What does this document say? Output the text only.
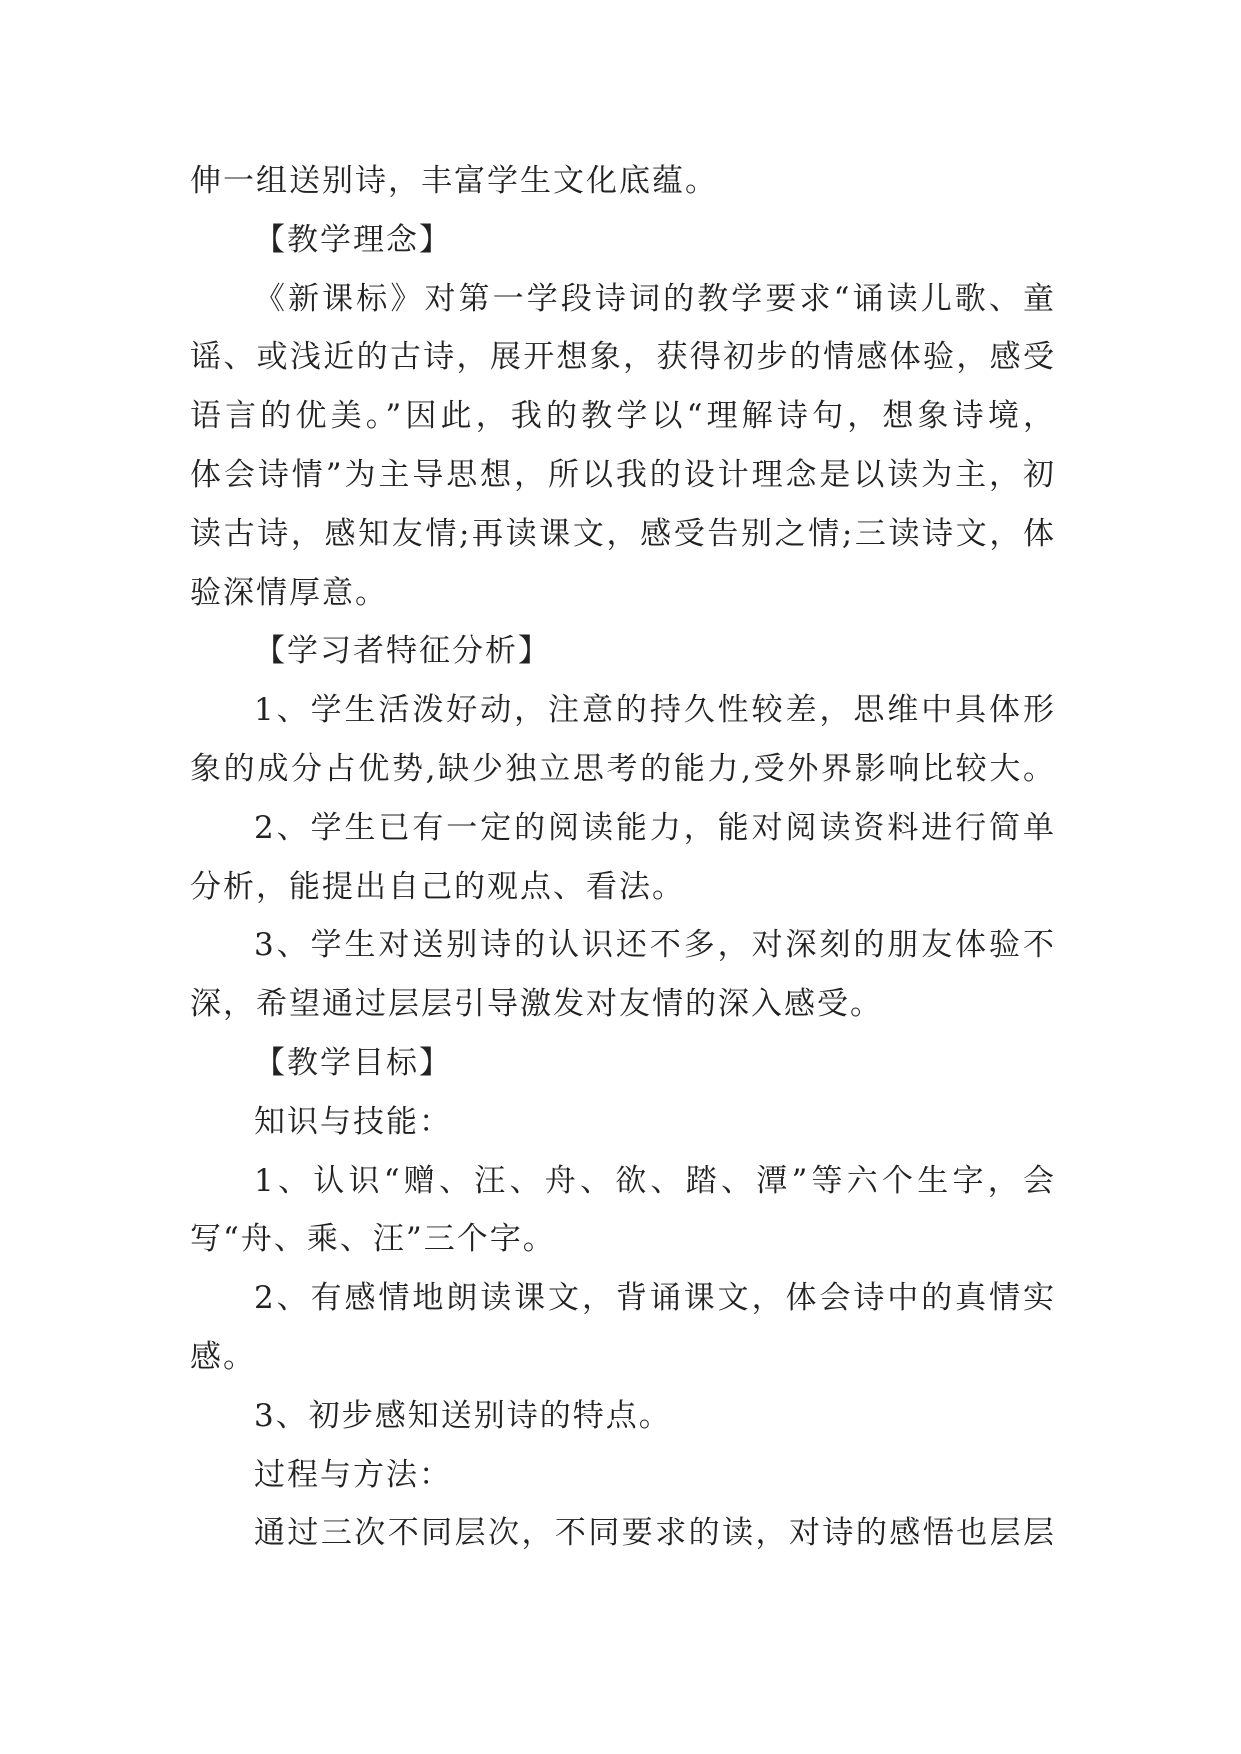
伸一组送别诗，丰富学生文化底蕴。
【教学理念】
《新课标》对第一学段诗词的教学要求“诵读儿歌、童
谣、或浅近的古诗，展开想象，获得初步的情感体验，感受
语言的优美。”因此，我的教学以“理解诗句，想象诗境，
体会诗情”为主导思想，所以我的设计理念是以读为主，初
读古诗，感知友情;再读课文，感受告别之情;三读诗文，体
验深情厚意。
【学习者特征分析】
1、学生活泼好动，注意的持久性较差，思维中具体形
象的成分占优势,缺少独立思考的能力,受外界影响比较大。
2、学生已有一定的阅读能力，能对阅读资料进行简单
分析，能提出自己的观点、看法。
3、学生对送别诗的认识还不多，对深刻的朋友体验不
深，希望通过层层引导激发对友情的深入感受。
【教学目标】
知识与技能：
1、认识“赠、汪、舟、欲、踏、潭”等六个生字，会
写“舟、乘、汪”三个字。
2、有感情地朗读课文，背诵课文，体会诗中的真情实
感。
3、初步感知送别诗的特点。
过程与方法：
通过三次不同层次，不同要求的读，对诗的感悟也层层
